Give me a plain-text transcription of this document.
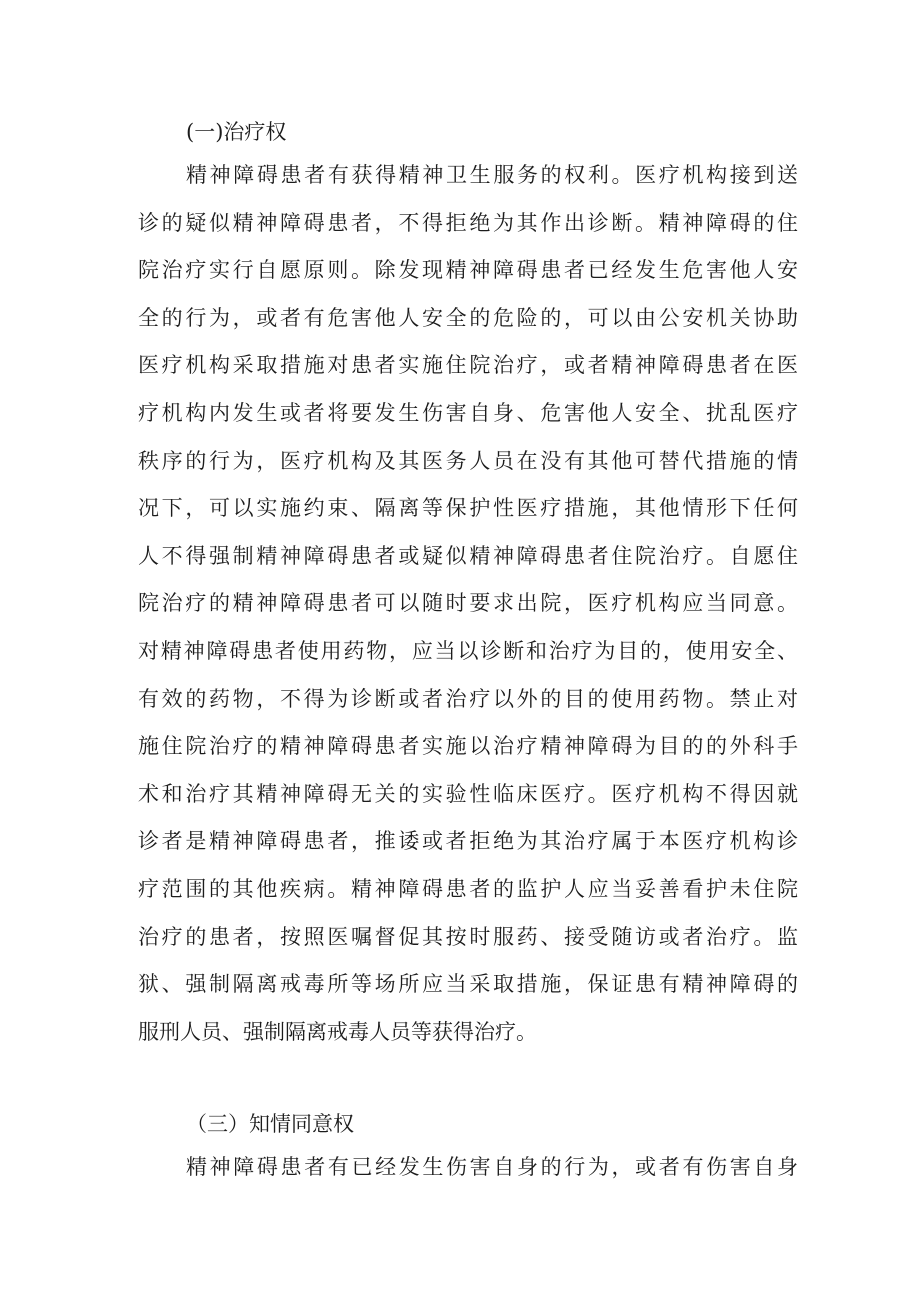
(一)治疗权
精神障碍患者有获得精神卫生服务的权利。医疗机构接到送
诊的疑似精神障碍患者，不得拒绝为其作出诊断。精神障碍的住
院治疗实行自愿原则。除发现精神障碍患者已经发生危害他人安
全的行为，或者有危害他人安全的危险的，可以由公安机关协助
医疗机构采取措施对患者实施住院治疗，或者精神障碍患者在医
疗机构内发生或者将要发生伤害自身、危害他人安全、扰乱医疗
秩序的行为，医疗机构及其医务人员在没有其他可替代措施的情
况下，可以实施约束、隔离等保护性医疗措施，其他情形下任何
人不得强制精神障碍患者或疑似精神障碍患者住院治疗。自愿住
院治疗的精神障碍患者可以随时要求出院，医疗机构应当同意。
对精神障碍患者使用药物，应当以诊断和治疗为目的，使用安全、
有效的药物，不得为诊断或者治疗以外的目的使用药物。禁止对
施住院治疗的精神障碍患者实施以治疗精神障碍为目的的外科手
术和治疗其精神障碍无关的实验性临床医疗。医疗机构不得因就
诊者是精神障碍患者，推诿或者拒绝为其治疗属于本医疗机构诊
疗范围的其他疾病。精神障碍患者的监护人应当妥善看护未住院
治疗的患者，按照医嘱督促其按时服药、接受随访或者治疗。监
狱、强制隔离戒毒所等场所应当采取措施，保证患有精神障碍的
服刑人员、强制隔离戒毒人员等获得治疗。
（三）知情同意权
精神障碍患者有已经发生伤害自身的行为，或者有伤害自身
